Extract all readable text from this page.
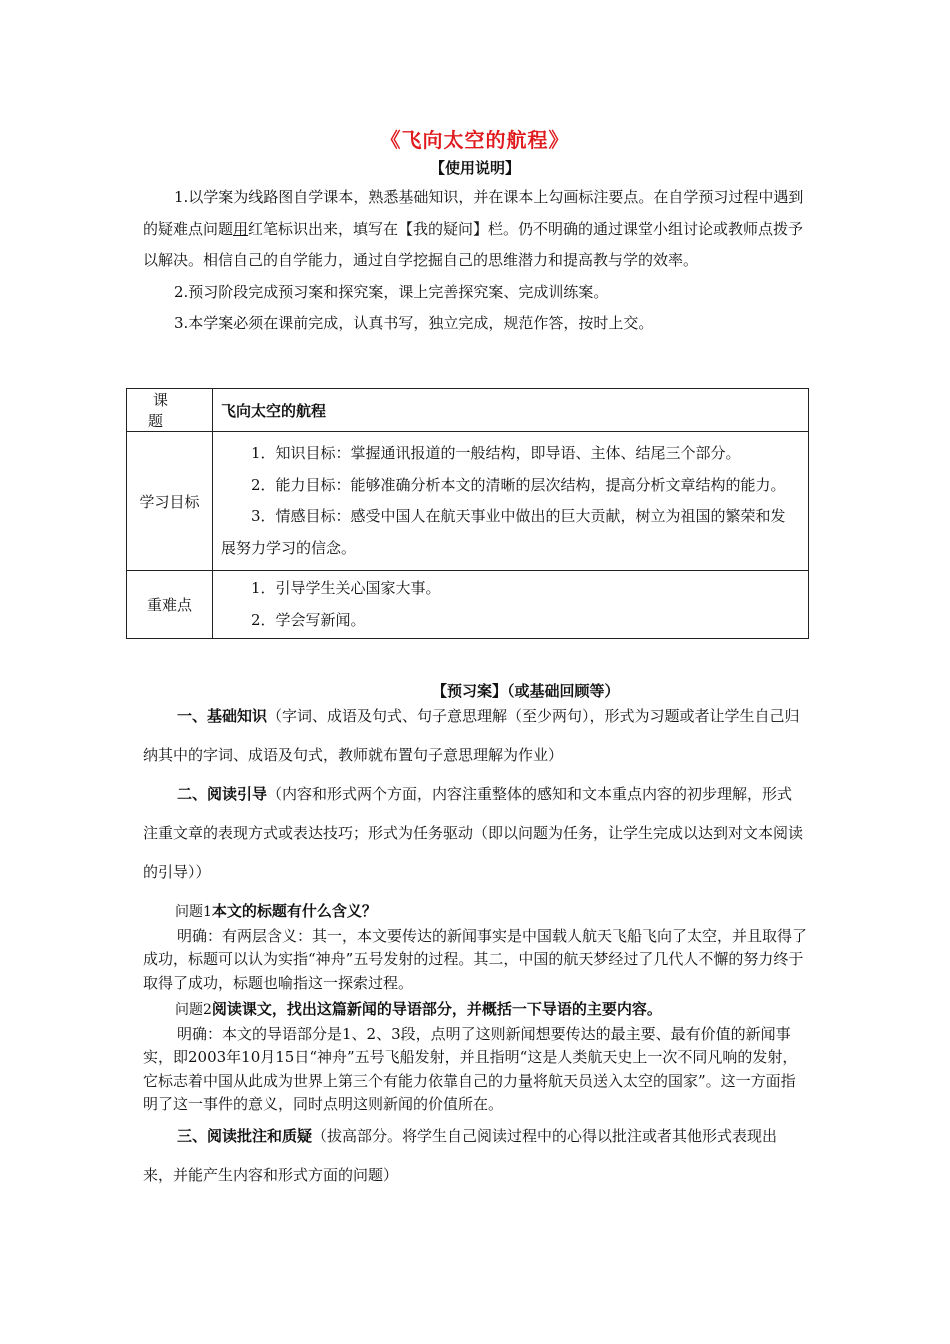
《飞向太空的航程》
【使用说明】

1.以学案为线路图自学课本，熟悉基础知识，并在课本上勾画标注要点。在自学预习过程中遇到的疑难点问题用红笔标识出来，填写在【我的疑问】栏。仍不明确的通过课堂小组讨论或教师点拨予以解决。相信自己的自学能力，通过自学挖掘自己的思维潜力和提高教与学的效率。

2.预习阶段完成预习案和探究案，课上完善探究案、完成训练案。

3.本学案必须在课前完成，认真书写，独立完成，规范作答，按时上交。

课题	飞向太空的航程
学习目标	1．知识目标：掌握通讯报道的一般结构，即导语、主体、结尾三个部分。

2．能力目标：能够准确分析本文的清晰的层次结构，提高分析文章结构的能力。

3．情感目标：感受中国人在航天事业中做出的巨大贡献，树立为祖国的繁荣和发展努力学习的信念。

重难点	1．引导学生关心国家大事。

2．学会写新闻。

【预习案】（或基础回顾等）

一、基础知识（字词、成语及句式、句子意思理解（至少两句），形式为习题或者让学生自己归纳其中的字词、成语及句式，教师就布置句子意思理解为作业）

二、阅读引导（内容和形式两个方面，内容注重整体的感知和文本重点内容的初步理解，形式注重文章的表现方式或表达技巧；形式为任务驱动（即以问题为任务，让学生完成以达到对文本阅读的引导））

问题1本文的标题有什么含义？

明确：有两层含义：其一，本文要传达的新闻事实是中国载人航天飞船飞向了太空，并且取得了成功，标题可以认为实指“神舟”五号发射的过程。其二，中国的航天梦经过了几代人不懈的努力终于取得了成功，标题也喻指这一探索过程。

问题2阅读课文，找出这篇新闻的导语部分，并概括一下导语的主要内容。

明确：本文的导语部分是1、2、3段，点明了这则新闻想要传达的最主要、最有价值的新闻事实，即2003年10月15日“神舟”五号飞船发射，并且指明“这是人类航天史上一次不同凡响的发射，它标志着中国从此成为世界上第三个有能力依靠自己的力量将航天员送入太空的国家”。这一方面指明了这一事件的意义，同时点明这则新闻的价值所在。

三、阅读批注和质疑（拔高部分。将学生自己阅读过程中的心得以批注或者其他形式表现出来，并能产生内容和形式方面的问题）
